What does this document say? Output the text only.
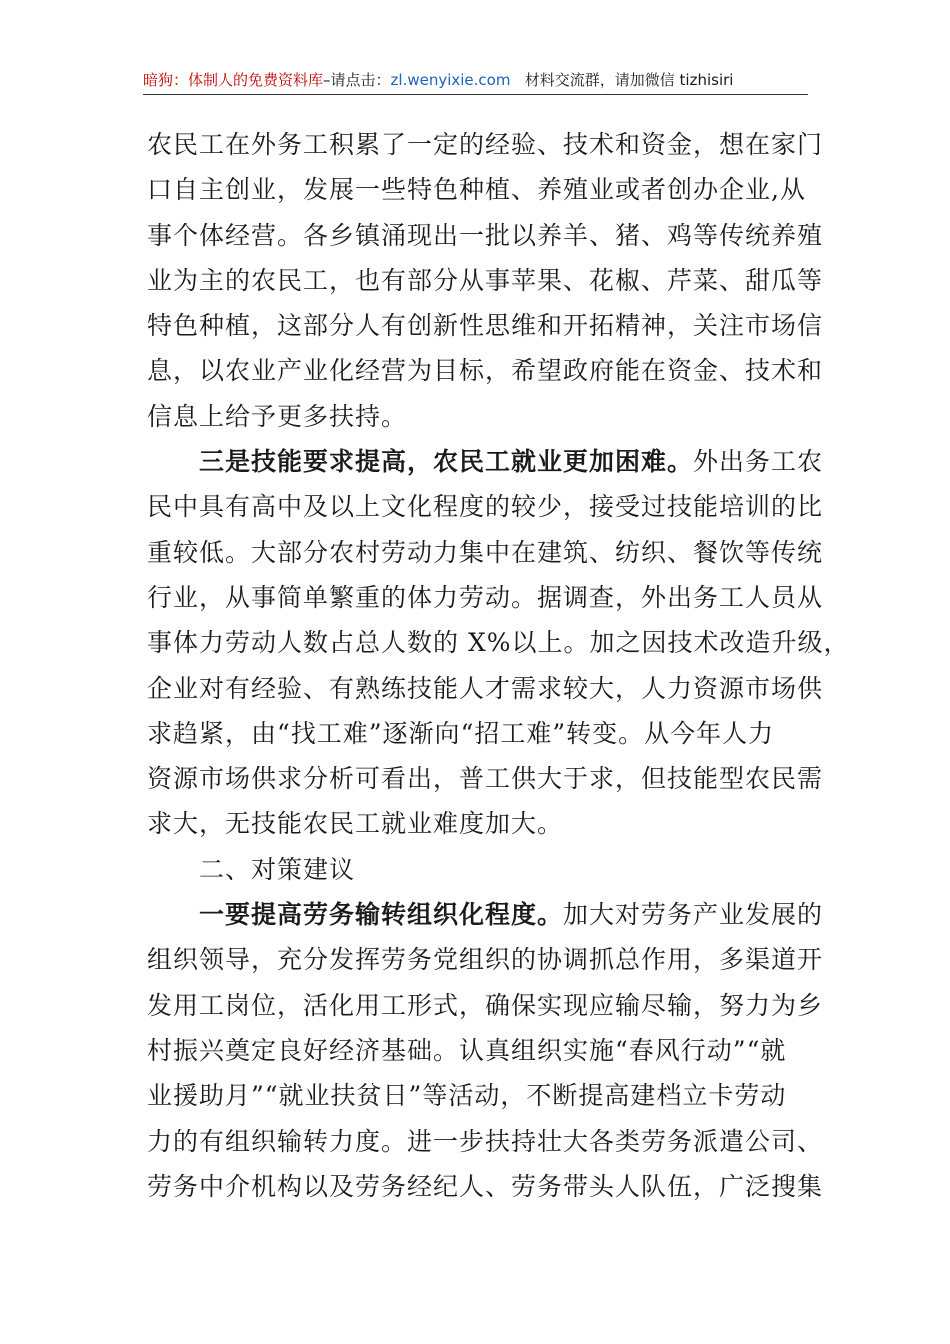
暗狗：体制人的免费资料库–请点击：zl.wenyixie.com 材料交流群，请加微信 tizhisiri
农民工在外务工积累了一定的经验、技术和资金，想在家门
口自主创业，发展一些特色种植、养殖业或者创办企业,从
事个体经营。各乡镇涌现出一批以养羊、猪、鸡等传统养殖
业为主的农民工，也有部分从事苹果、花椒、芹菜、甜瓜等
特色种植，这部分人有创新性思维和开拓精神，关注市场信
息，以农业产业化经营为目标，希望政府能在资金、技术和
信息上给予更多扶持。
三是技能要求提高，农民工就业更加困难。外出务工农
民中具有高中及以上文化程度的较少，接受过技能培训的比
重较低。大部分农村劳动力集中在建筑、纺织、餐饮等传统
行业，从事简单繁重的体力劳动。据调查，外出务工人员从
事体力劳动人数占总人数的 X%以上。加之因技术改造升级，
企业对有经验、有熟练技能人才需求较大，人力资源市场供
求趋紧，由“找工难”逐渐向“招工难”转变。从今年人力
资源市场供求分析可看出，普工供大于求，但技能型农民需
求大，无技能农民工就业难度加大。
二、对策建议
一要提高劳务输转组织化程度。加大对劳务产业发展的
组织领导，充分发挥劳务党组织的协调抓总作用，多渠道开
发用工岗位，活化用工形式，确保实现应输尽输，努力为乡
村振兴奠定良好经济基础。认真组织实施“春风行动”“就
业援助月”“就业扶贫日”等活动，不断提高建档立卡劳动
力的有组织输转力度。进一步扶持壮大各类劳务派遣公司、
劳务中介机构以及劳务经纪人、劳务带头人队伍，广泛搜集
